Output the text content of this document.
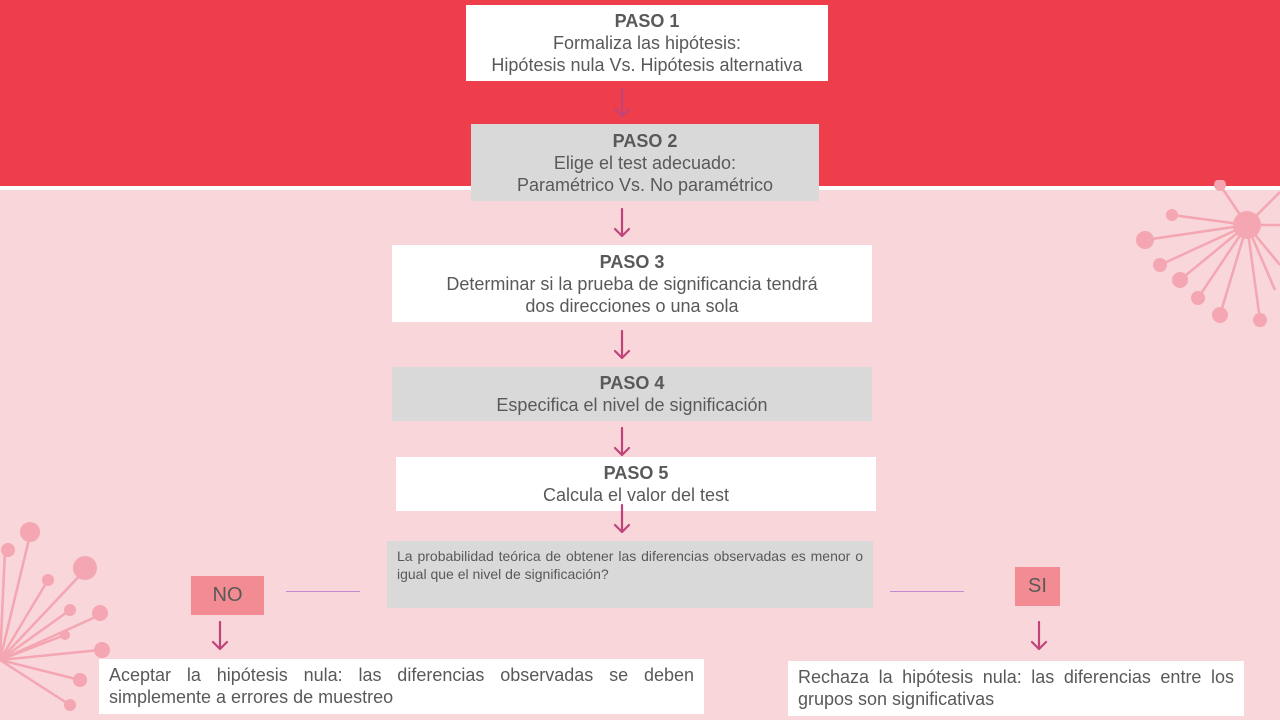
PASO 1
Formaliza las hipótesis:
Hipótesis nula Vs. Hipótesis alternativa
PASO 2
Elige el test adecuado:
Paramétrico Vs. No paramétrico
PASO 3
Determinar si la prueba de significancia tendrá
dos direcciones o una sola
PASO 4
Especifica el nivel de significación
PASO 5
Calcula el valor del test
La probabilidad teórica de obtener las diferencias observadas es menor o igual que el nivel de significación?
NO	SI
Aceptar la hipótesis nula: las diferencias observadas se deben simplemente a errores de muestreo
Rechaza la hipótesis nula: las diferencias entre los grupos son significativas
